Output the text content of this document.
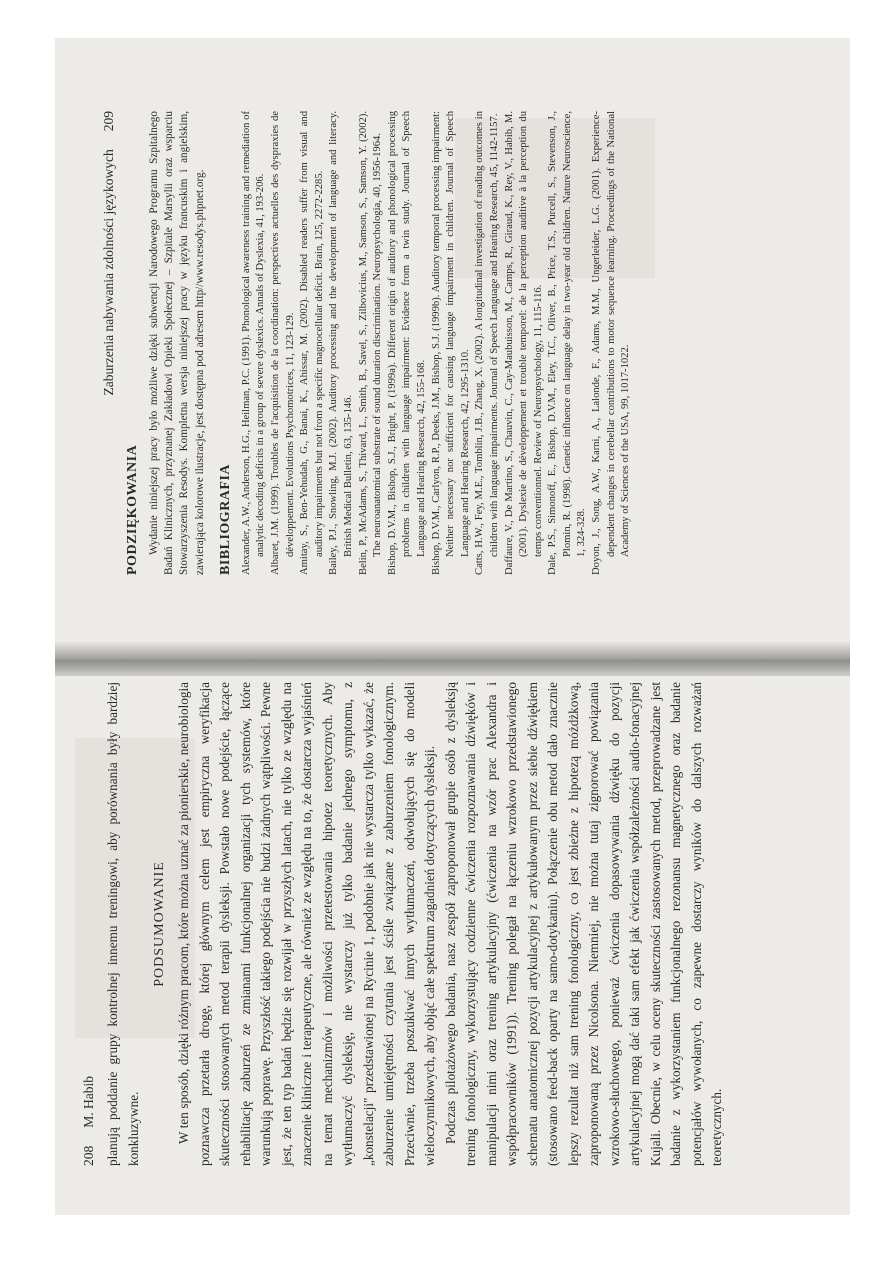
208
M. Habib planują poddanie grupy kontrolnej innemu treningowi, aby porównania były bardziej konkluzywne.

PODSUMOWANIE W ten sposób, dzięki różnym pracom, które można uznać za pionierskie, neurobiologia poznawcza przetarła drogę, której głównym celem jest empiryczna weryfikacja skuteczności stosowanych metod terapii dysleksji. Powstało nowe podejście, łączące rehabilitację zaburzeń ze zmianami funkcjonalnej organizacji tych systemów, które warunkują poprawę. Przyszłość takiego podejścia nie budzi żadnych wątpliwości. Pewne jest, że ten typ badań będzie się rozwijał w przyszłych latach, nie tylko ze względu na znaczenie kliniczne i terapeutyczne, ale również ze względu na to, że dostarcza wyjaśnień na temat mechanizmów i możliwości przetestowania hipotez teoretycznych. Aby wytłumaczyć dysleksję, nie wystarczy już tylko badanie jednego symptomu, z „konstelacji" przedstawionej na Rycinie 1, podobnie jak nie wystarcza tylko wykazać, że zaburzenie umiejętności czytania jest ściśle związane z zaburzeniem fonologicznym. Przeciwnie, trzeba poszukiwać innych wytłumaczeń, odwołujących się do modeli wieloczynnikowych, aby objąć całe spektrum zagadnień dotyczących dysleksji. Podczas pilotażowego badania, nasz zespół zaproponował grupie osób z dysleksją trening fonologiczny, wykorzystujący codzienne ćwiczenia rozpoznawania dźwięków i manipulacji nimi oraz trening artykulacyjny (ćwiczenia na wzór prac Alexandra i współpracowników (1991)). Trening polegał na łączeniu wzrokowo przedstawionego schematu anatomicznej pozycji artykulacyjnej z artykułowanym przez siebie dźwiękiem (stosowano feed-back oparty na samo-dotykaniu). Połączenie obu metod dało znacznie lepszy rezultat niż sam trening fonologiczny, co jest zbieżne z hipotezą móżdżkową, zaproponowaną przez Nicolsona. Niemniej, nie można tutaj zignorować powiązania wzrokowo-słuchowego, ponieważ ćwiczenia dopasowywania dźwięku do pozycji artykulacyjnej mogą dać taki sam efekt jak ćwiczenia współzależności audio-fonacyjnej Kujali. Obecnie, w celu oceny skuteczności zastosowanych metod, przeprowadzane jest badanie z wykorzystaniem funkcjonalnego rezonansu magnetycznego oraz badanie potencjałów wywołanych, co zapewne dostarczy wyników do dalszych rozważań teoretycznych.

Zaburzenia nabywania zdolności językowych
209
PODZIĘKOWANIA Wydanie niniejszej pracy było możliwe dzięki subwencji Narodowego Programu Szpitalnego Badań Klinicznych, przyznanej Zakładowi Opieki Społecznej – Szpitale Marsylii oraz wsparciu Stowarzyszenia Resodys. Kompletna wersja niniejszej pracy w języku francuskim i angielskim, zawierająca kolorowe ilustracje, jest dostępna pod adresem http//www.resodys.phpnet.org. BIBLIOGRAFIA Alexander, A.W., Anderson, H.G., Heilman, P.C. (1991). Phonological awareness training and remediation of analytic decoding deficits in a group of severe dyslexics. Annals of Dyslexia, 41, 193-206. Albaret, J.M. (1999). Troubles de l'acquisition de la coordination: perspectives actuelles des dyspraxies de développement. Evolutions Psychomotrices, 11, 123-129. Amitay, S., Ben-Yehudah, G., Banai, K., Ahissar, M. (2002). Disabled readers suffer from visual and auditory impairments but not from a specific magnocellular deficit. Brain, 125, 2272-2285. Bailey, P.J., Snowling, M.J. (2002). Auditory processing and the development of language and literacy. British Medical Bulletin, 63, 135-146. Belin, P., McAdams, S., Thivard, L., Smith, B., Savel, S., Zilbovicius, M., Samson, S., Samson, Y. (2002). The neuroanatomical substrate of sound duration discrimination. Neuropsychologia, 40, 1956-1964. Bishop, D.V.M., Bishop, S.J., Bright, P. (1999a). Different origin of auditory and phonological processing problems in children with language impairment: Evidence from a twin study. Journal of Speech Language and Hearing Research, 42, 155-168. Bishop, D.V.M., Carlyon, R.P., Deeks, J.M., Bishop, S.J. (1999b). Auditory temporal processing impairment: Neither necessary nor sufficient for causing language impairment in children. Journal of Speech Language and Hearing Research, 42, 1295-1310. Catts, H.W., Fey, M.E., Tomblin, J.B., Zhang, X. (2002). A longitudinal investigation of reading outcomes in children with language impairments. Journal of Speech Language and Hearing Research, 45, 1142-1157. Daffaure, V., De Martino, S., Chauvin, C., Cay-Maubuisson, M., Camps, R., Giraud, K., Rey, V., Habib, M. (2001). Dyslexie de développement et trouble temporel: de la perception auditive à la perception du temps conventionnel. Review of Neuropsychology, 11, 115-116. Dale, P.S., Simonoff, E., Bishop, D.V.M., Eley, T.C., Oliver, B., Price, T.S., Purcell, S., Stevenson, J., Plomin, R. (1998). Genetic influence on language delay in two-year old children. Nature Neuroscience, 1, 324-328. Doyon, J., Song, A.W., Karni, A., Lalonde, F., Adams, M.M., Ungerleider, L.G. (2001). Experience-dependent changes in cerebellar contributions to motor sequence learning. Proceedings of the National Academy of Sciences of the USA, 99, 1017-1022.
